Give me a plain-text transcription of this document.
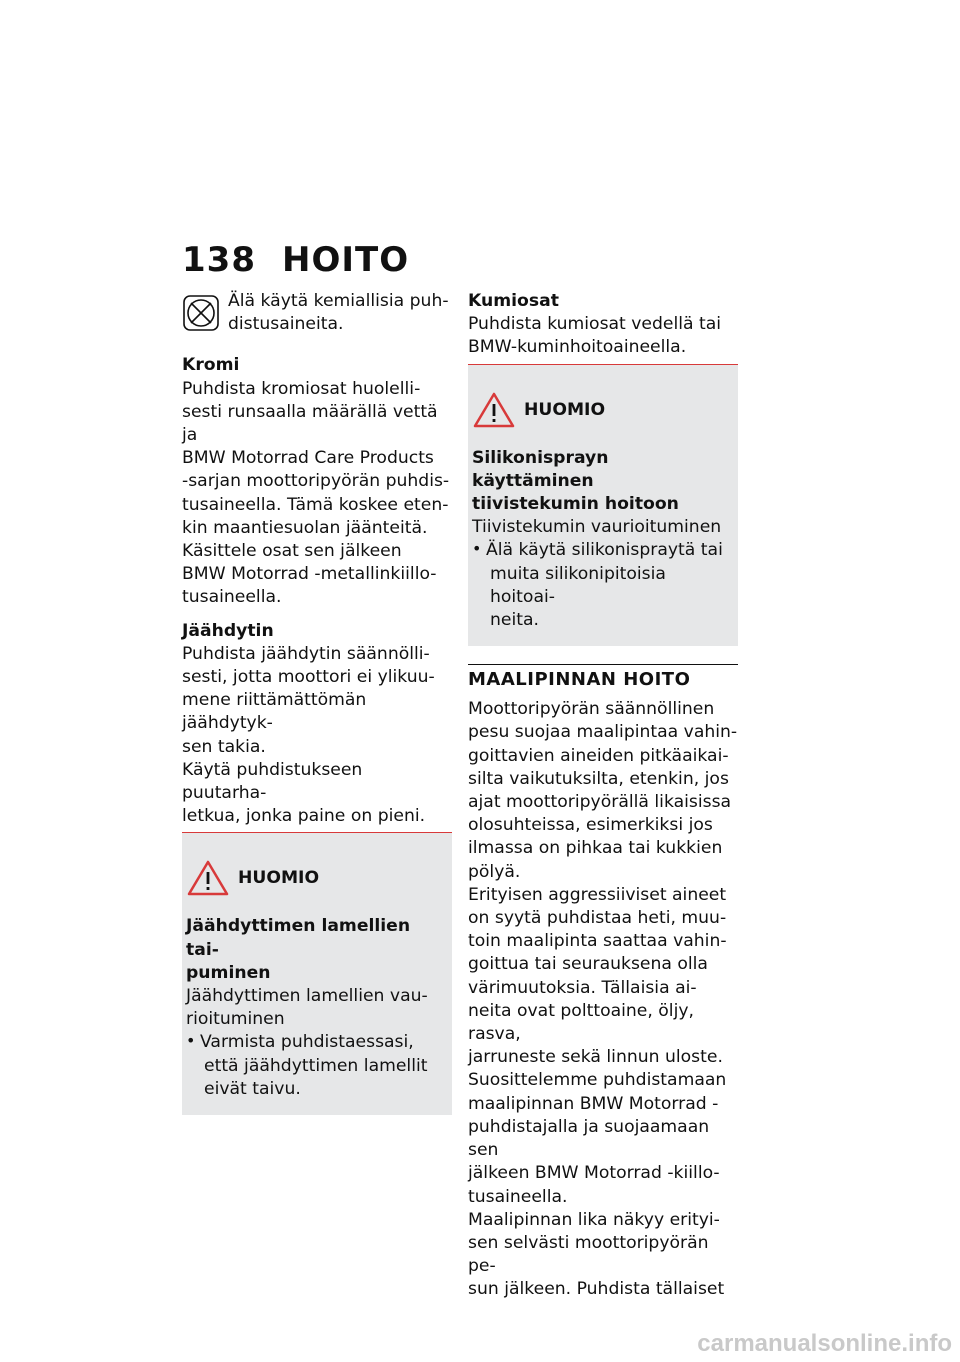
138 HOITO

Älä käytä kemiallisia puh-

distusaineita.

Kromi

Puhdista kromiosat huolelli-

sesti runsaalla määrällä vettä ja

BMW Motorrad Care Products

-sarjan moottoripyörän puhdis-

tusaineella. Tämä koskee eten-

kin maantiesuolan jäänteitä.

Käsittele osat sen jälkeen

BMW Motorrad -metallinkiillo-

tusaineella.

Jäähdytin

Puhdista jäähdytin säännölli-

sesti, jotta moottori ei ylikuu-

mene riittämättömän jäähdytyk-

sen takia.

Käytä puhdistukseen puutarha-

letkua, jonka paine on pieni.

HUOMIO

Jäähdyttimen lamellien tai-

puminen

Jäähdyttimen lamellien vau-

rioituminen

• Varmista puhdistaessasi,

että jäähdyttimen lamellit

eivät taivu.

Kumiosat

Puhdista kumiosat vedellä tai

BMW-kuminhoitoaineella.

HUOMIO

Silikonisprayn käyttäminen

tiivistekumin hoitoon

Tiivistekumin vaurioituminen

• Älä käytä silikonispraytä tai

muita silikonipitoisia hoitoai-

neita.

MAALIPINNAN HOITO

Moottoripyörän säännöllinen

pesu suojaa maalipintaa vahin-

goittavien aineiden pitkäaikai-

silta vaikutuksilta, etenkin, jos

ajat moottoripyörällä likaisissa

olosuhteissa, esimerkiksi jos

ilmassa on pihkaa tai kukkien

pölyä.

Erityisen aggressiiviset aineet

on syytä puhdistaa heti, muu-

toin maalipinta saattaa vahin-

goittua tai seurauksena olla

värimuutoksia. Tällaisia ai-

neita ovat polttoaine, öljy, rasva,

jarruneste sekä linnun uloste.

Suosittelemme puhdistamaan

maalipinnan BMW Motorrad -

puhdistajalla ja suojaamaan sen

jälkeen BMW Motorrad -kiillo-

tusaineella.

Maalipinnan lika näkyy erityi-

sen selvästi moottoripyörän pe-

sun jälkeen. Puhdista tällaiset

carmanualsonline.info
